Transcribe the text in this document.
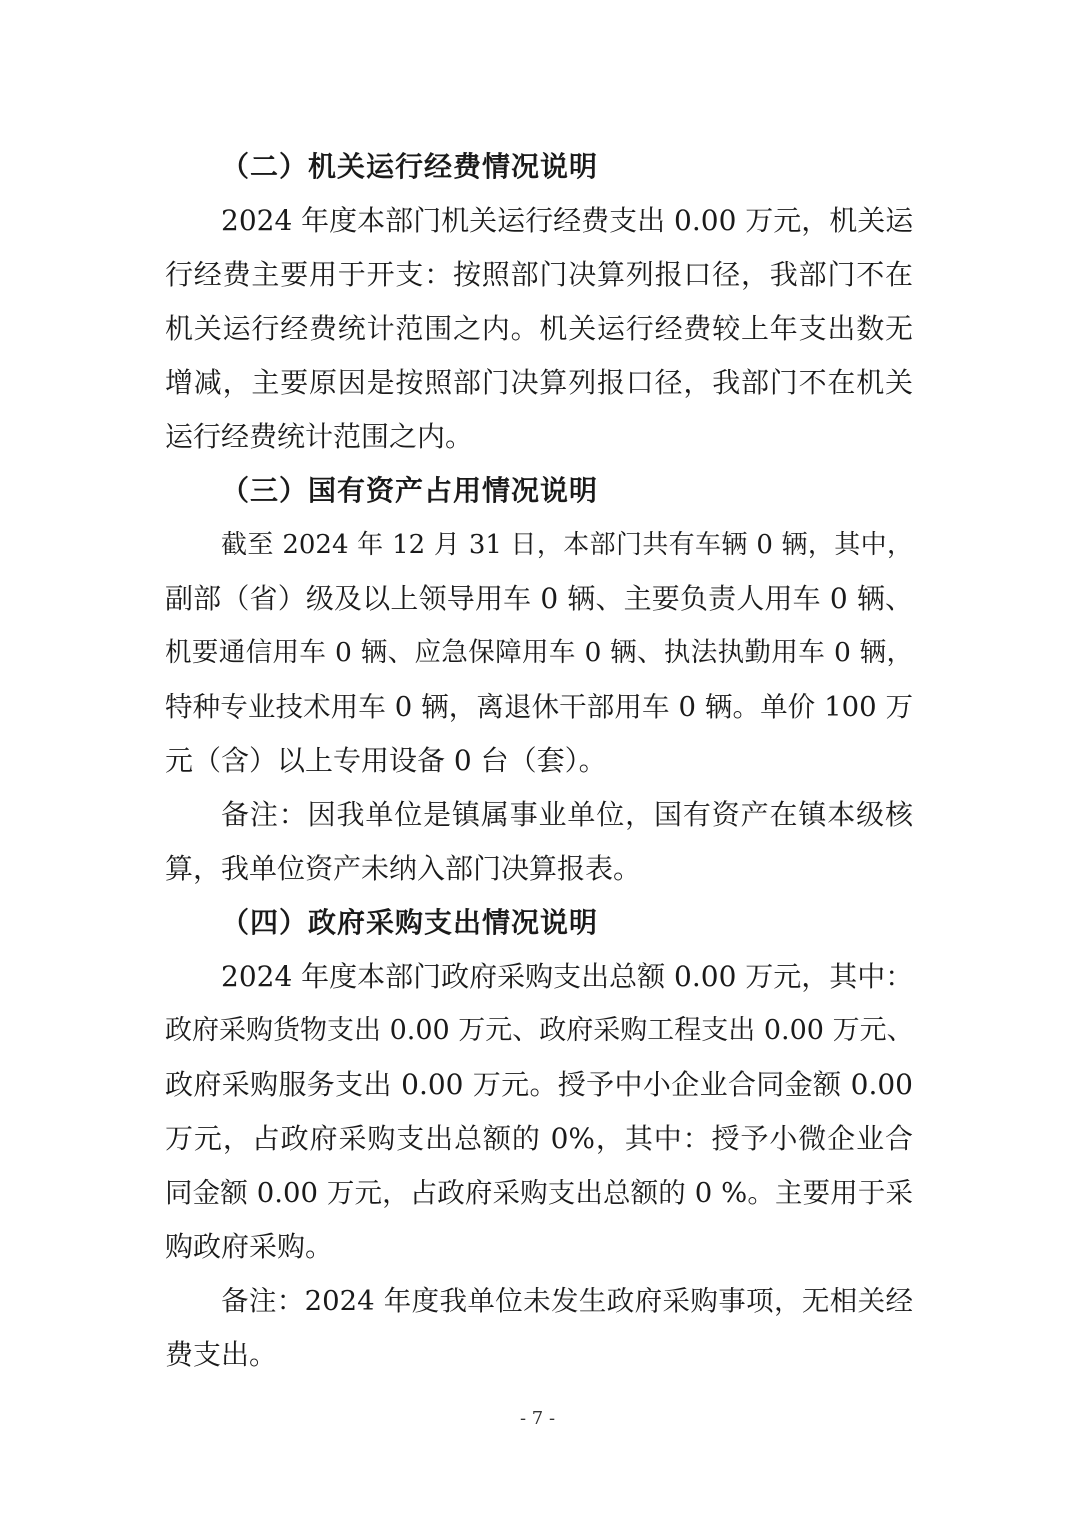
（二）机关运行经费情况说明
2024 年度本部门机关运行经费支出 0.00 万元，机关运
行经费主要用于开支：按照部门决算列报口径，我部门不在
机关运行经费统计范围之内。机关运行经费较上年支出数无
增减，主要原因是按照部门决算列报口径，我部门不在机关
运行经费统计范围之内。
（三）国有资产占用情况说明
截至 2024 年 12 月 31 日，本部门共有车辆 0 辆，其中，
副部（省）级及以上领导用车 0 辆、主要负责人用车 0 辆、
机要通信用车 0 辆、应急保障用车 0 辆、执法执勤用车 0 辆，
特种专业技术用车 0 辆，离退休干部用车 0 辆。单价 100 万
元（含）以上专用设备 0 台（套）。
备注：因我单位是镇属事业单位，国有资产在镇本级核
算，我单位资产未纳入部门决算报表。
（四）政府采购支出情况说明
2024 年度本部门政府采购支出总额 0.00 万元，其中：
政府采购货物支出 0.00 万元、政府采购工程支出 0.00 万元、
政府采购服务支出 0.00 万元。授予中小企业合同金额 0.00
万元，占政府采购支出总额的 0%，其中：授予小微企业合
同金额 0.00 万元，占政府采购支出总额的 0 %。主要用于采
购政府采购。
备注：2024 年度我单位未发生政府采购事项，无相关经
费支出。
- 7 -
